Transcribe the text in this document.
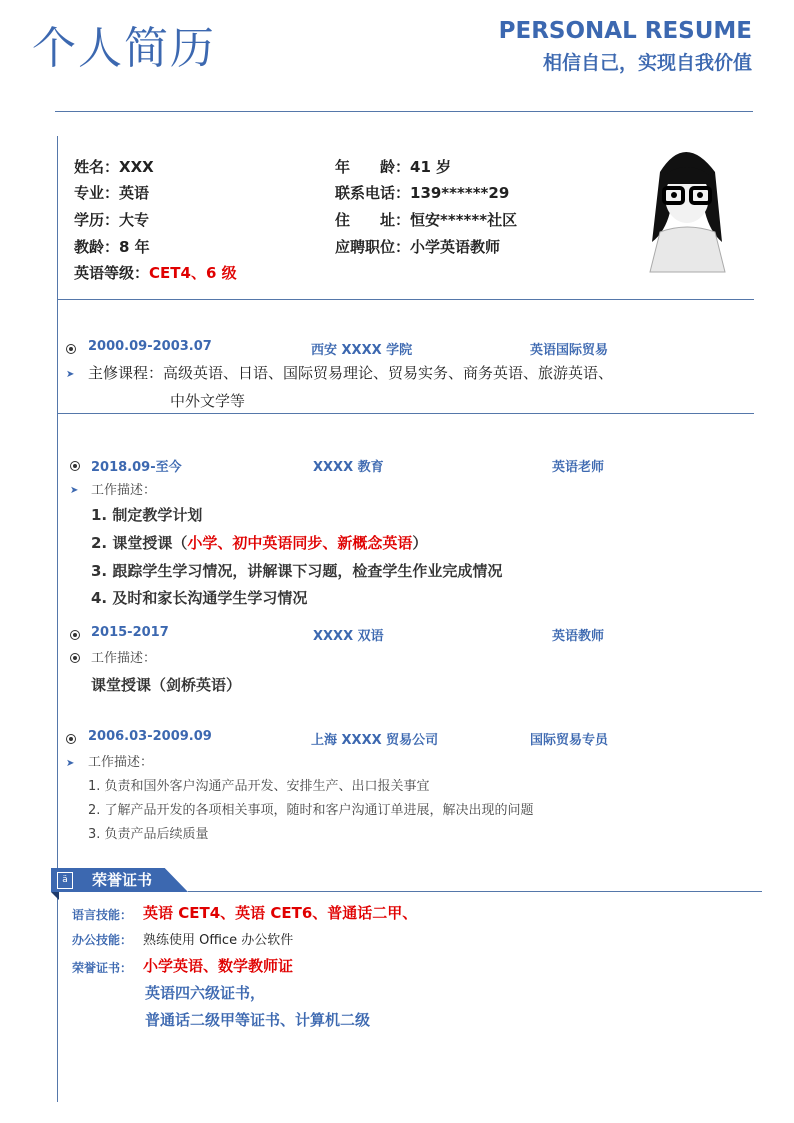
个人简历	PERSONAL RESUME
相信自己，实现自我价值
姓名：XXX
专业：英语
学历：大专
教龄：8 年
英语等级：CET4、6 级
年　　龄：41 岁
联系电话：139******29
住　　址：恒安******社区
应聘职位：小学英语教师
2000.09-2003.07	西安 XXXX 学院	英语国际贸易
➤ 主修课程：高级英语、日语、国际贸易理论、贸易实务、商务英语、旅游英语、
中外文学等
2018.09-至今	XXXX 教育	英语老师
➤ 工作描述：
1. 制定教学计划
2. 课堂授课（小学、初中英语同步、新概念英语）
3. 跟踪学生学习情况，讲解课下习题，检查学生作业完成情况
4. 及时和家长沟通学生学习情况
2015-2017	XXXX 双语	英语教师
工作描述：
课堂授课（剑桥英语）
2006.03-2009.09	上海 XXXX 贸易公司	国际贸易专员
➤ 工作描述：
1. 负责和国外客户沟通产品开发、安排生产、出口报关事宜
2. 了解产品开发的各项相关事项，随时和客户沟通订单进展，解决出现的问题
3. 负责产品后续质量
ä	荣誉证书
语言技能： 英语 CET4、英语 CET6、普通话二甲、
办公技能： 熟练使用 Office 办公软件
荣誉证书： 小学英语、数学教师证
英语四六级证书，
普通话二级甲等证书、计算机二级
